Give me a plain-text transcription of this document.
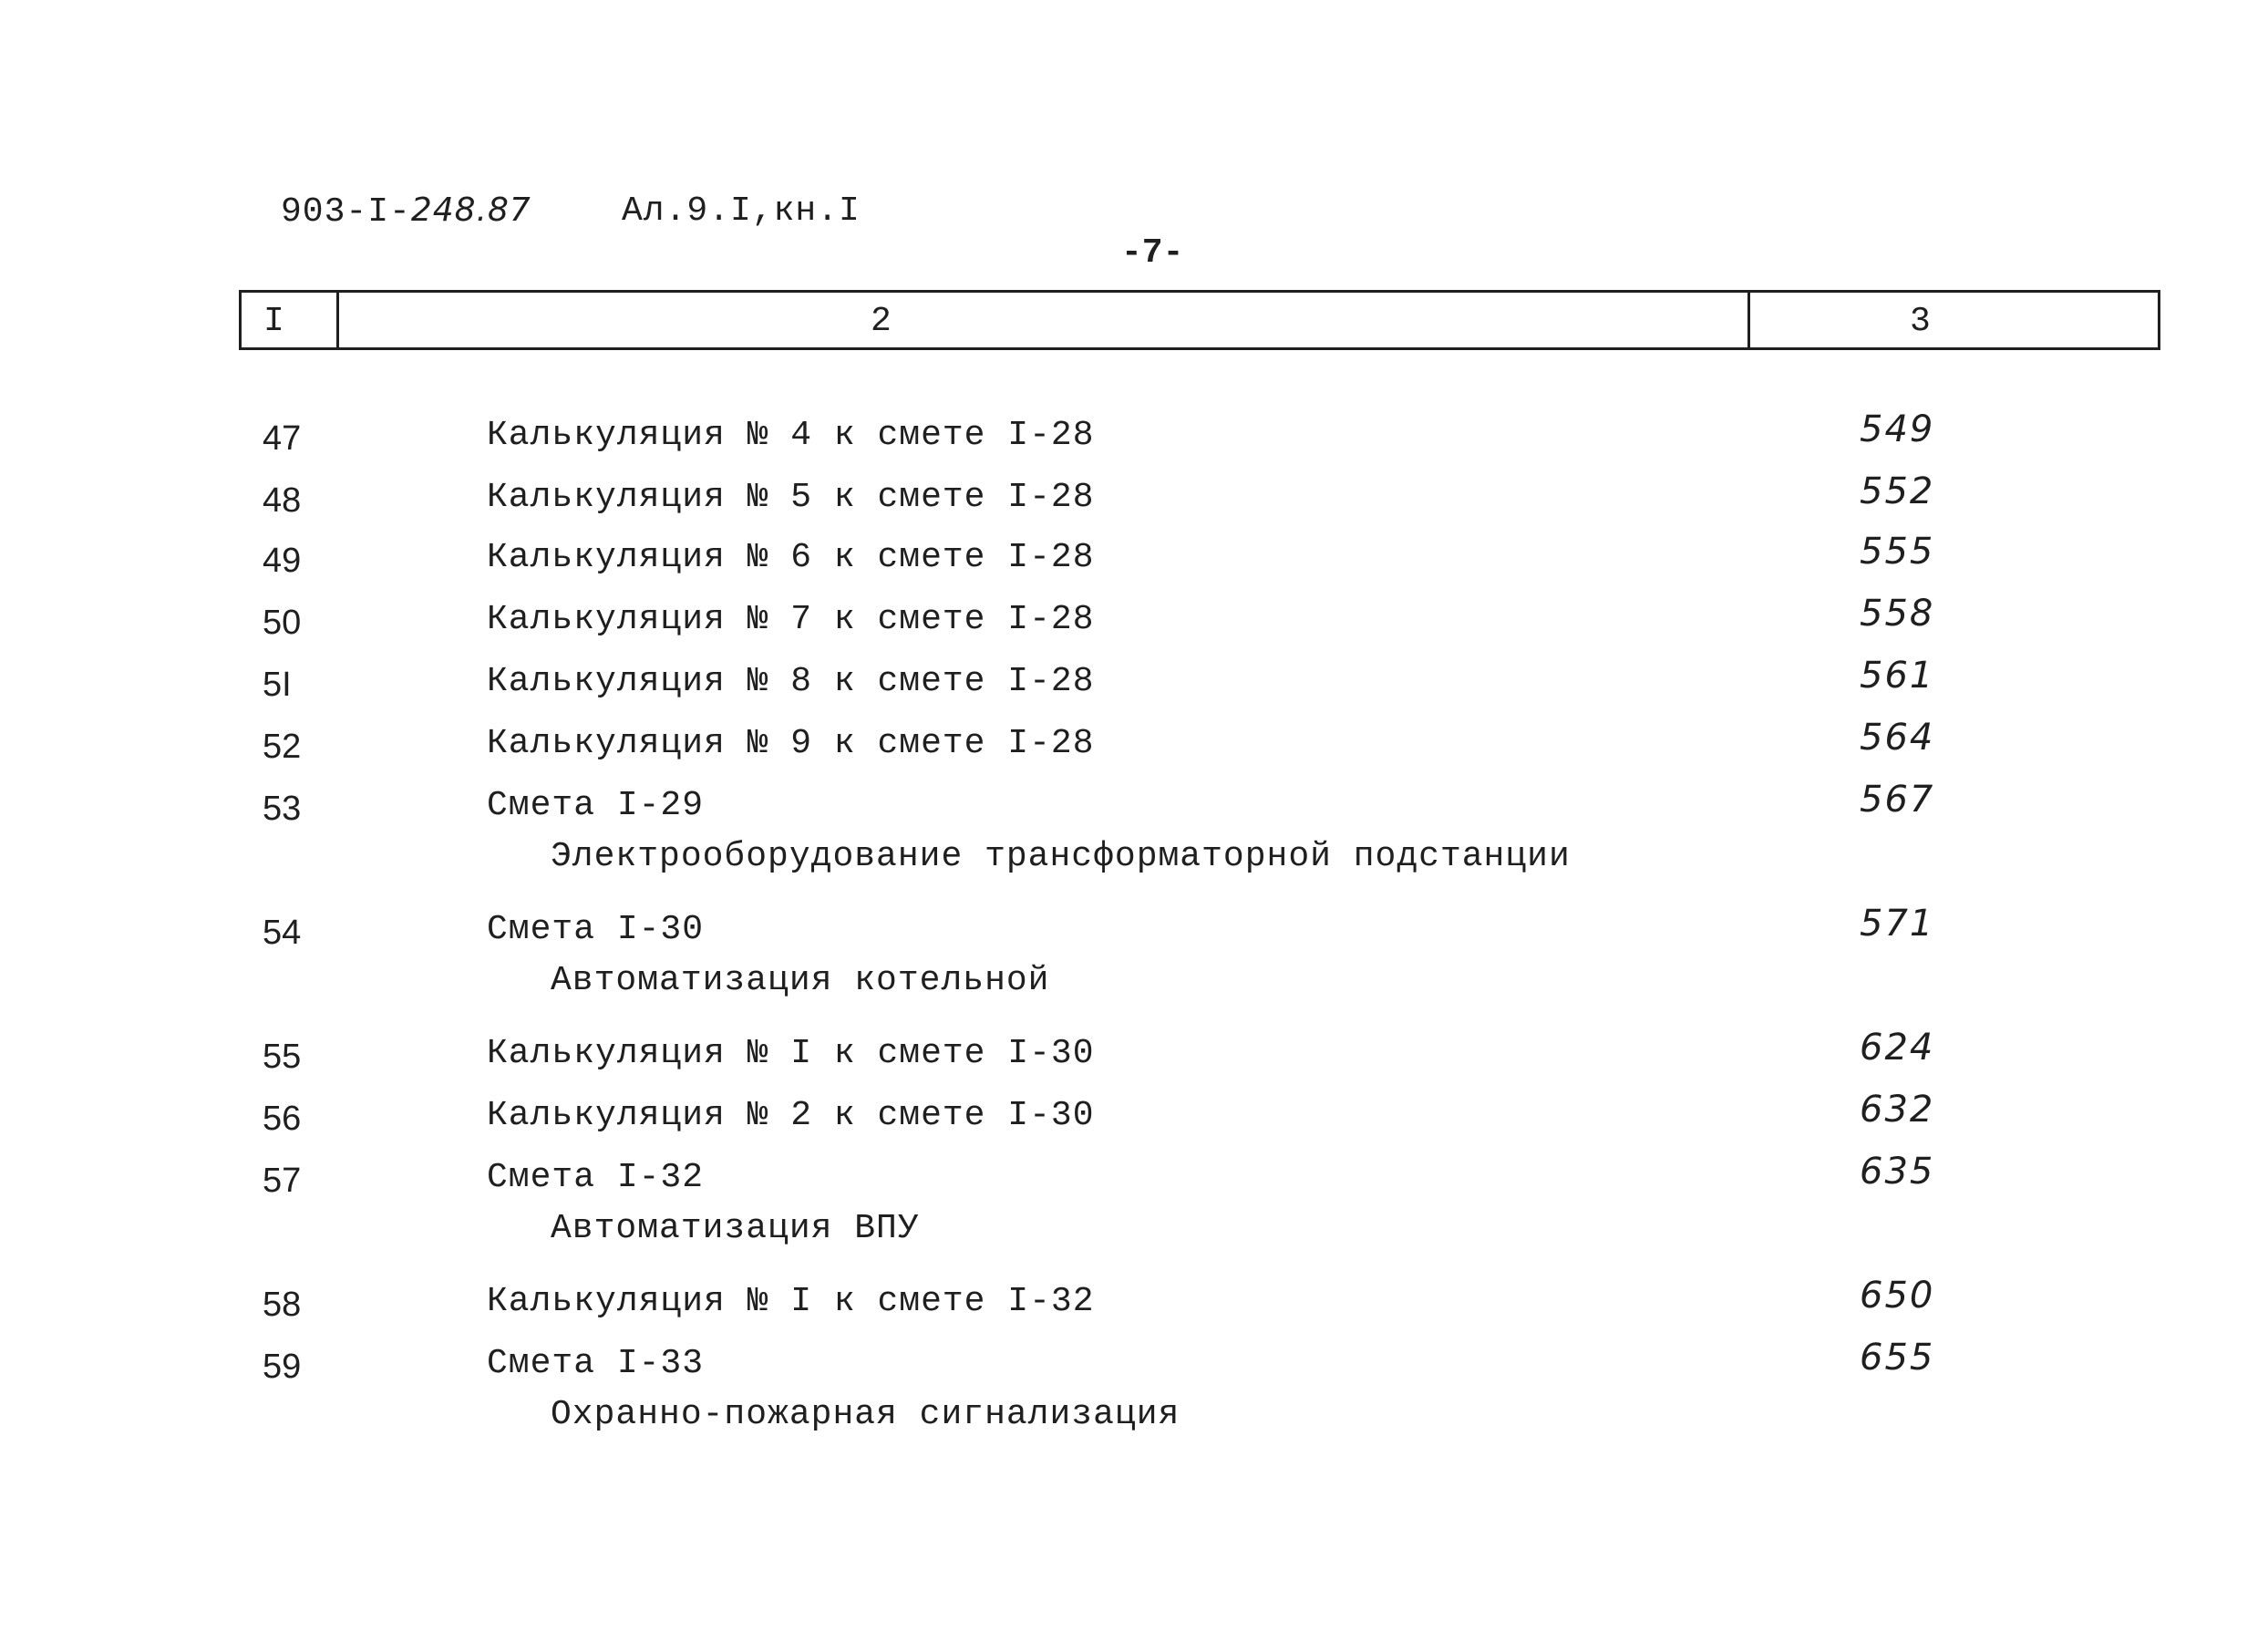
903-I-248.87	Ал.9.I,кн.I
-7-
I	2	3
47	Калькуляция № 4 к смете I-28	549
48	Калькуляция № 5 к смете I-28	552
49	Калькуляция № 6 к смете I-28	555
50	Калькуляция № 7 к смете I-28	558
5I	Калькуляция № 8 к смете I-28	561
52	Калькуляция № 9 к смете I-28	564
53	Смета I-29	567
Электрооборудование трансформаторной подстанции
54	Смета I-30	571
Автоматизация котельной
55	Калькуляция № I к смете I-30	624
56	Калькуляция № 2 к смете I-30	632
57	Смета I-32	635
Автоматизация ВПУ
58	Калькуляция № I к смете I-32	650
59	Смета I-33	655
Охранно-пожарная сигнализация
